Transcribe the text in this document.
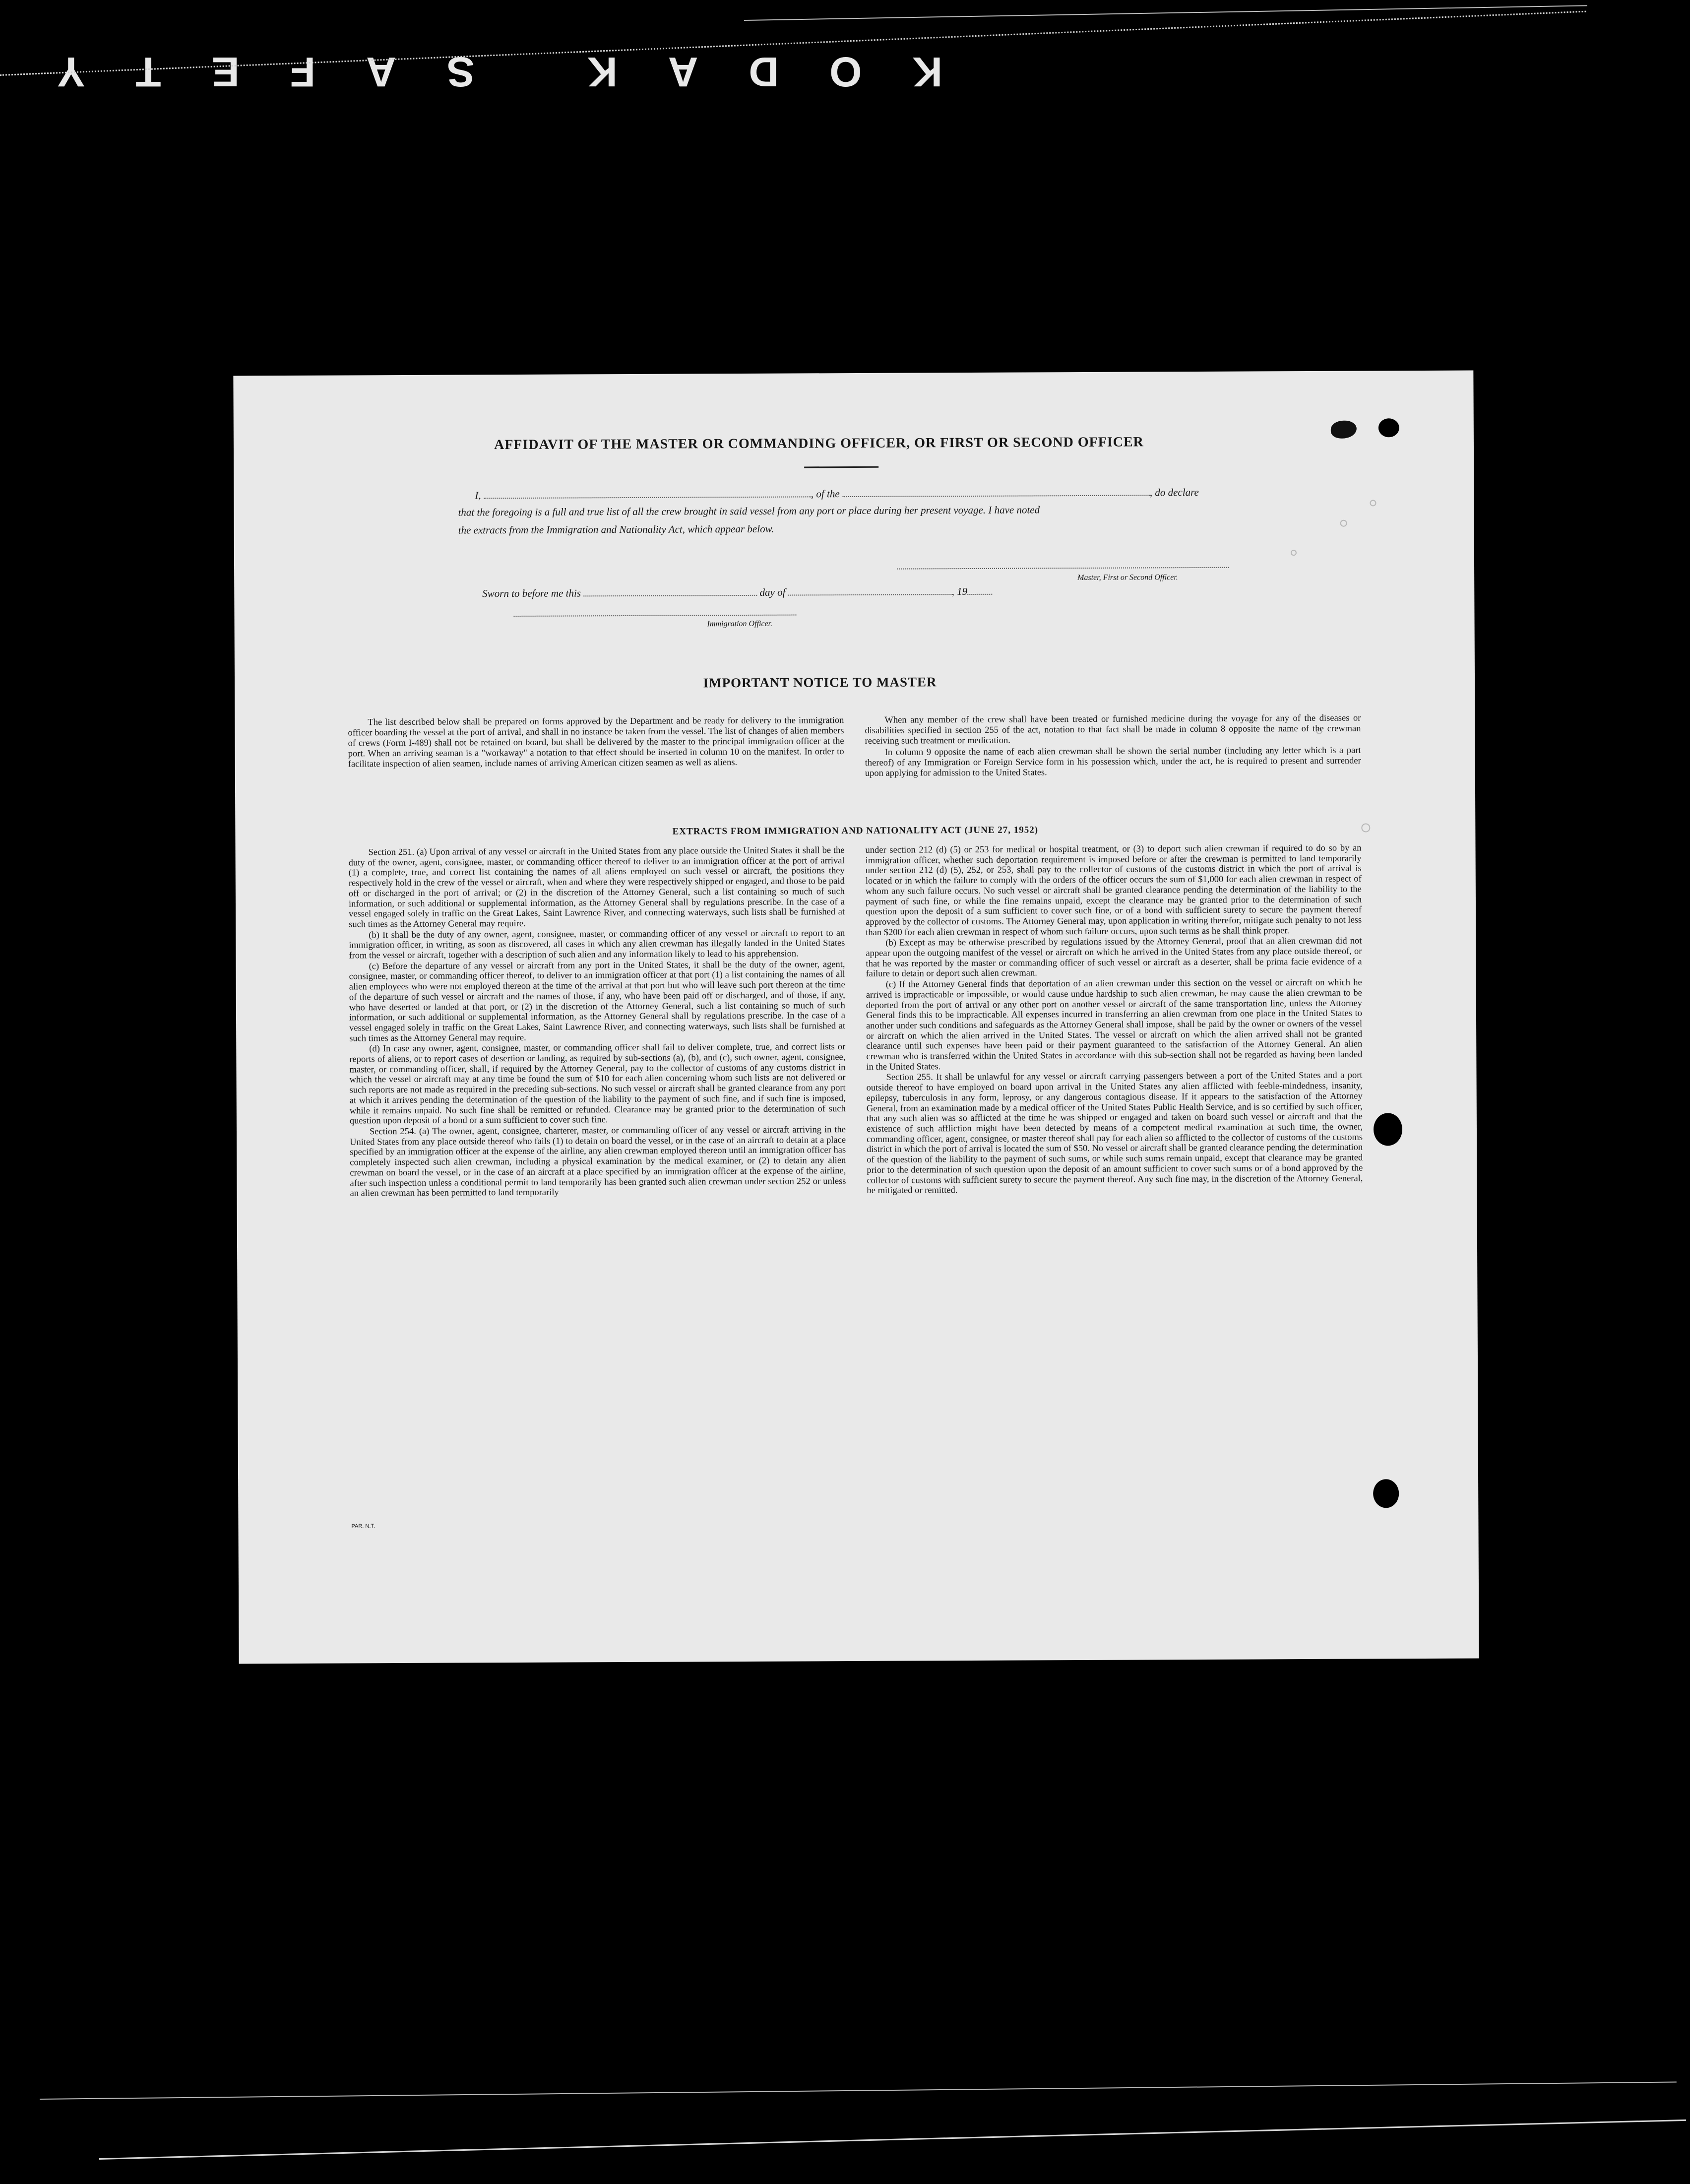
KODAK SAFETY
AFFIDAVIT OF THE MASTER OR COMMANDING OFFICER, OR FIRST OR SECOND OFFICER
I,	, of the	, do declare
that the foregoing is a full and true list of all the crew brought in said vessel from any port or place during her present voyage. I have noted
the extracts from the Immigration and Nationality Act, which appear below.
Master, First or Second Officer.
Sworn to before me this	day of	, 19
Immigration Officer.
IMPORTANT NOTICE TO MASTER

The list described below shall be prepared on forms approved by the Department and be ready for delivery to the immigration officer boarding the vessel at the port of arrival, and shall in no instance be taken from the vessel. The list of changes of alien members of crews (Form I-489) shall not be retained on board, but shall be delivered by the master to the principal immigration officer at the port. When an arriving seaman is a "workaway" a notation to that effect should be inserted in column 10 on the manifest. In order to facilitate inspection of alien seamen, include names of arriving American citizen seamen as well as aliens.

When any member of the crew shall have been treated or furnished medicine during the voyage for any of the diseases or disabilities specified in section 255 of the act, notation to that fact shall be made in column 8 opposite the name of the crewman receiving such treatment or medication.

In column 9 opposite the name of each alien crewman shall be shown the serial number (including any letter which is a part thereof) of any Immigration or Foreign Service form in his possession which, under the act, he is required to present and surrender upon applying for admission to the United States.

EXTRACTS FROM IMMIGRATION AND NATIONALITY ACT (JUNE 27, 1952)

Section 251. (a) Upon arrival of any vessel or aircraft in the United States from any place outside the United States it shall be the duty of the owner, agent, consignee, master, or commanding officer thereof to deliver to an immigration officer at the port of arrival (1) a complete, true, and correct list containing the names of all aliens employed on such vessel or aircraft, the positions they respectively hold in the crew of the vessel or aircraft, when and where they were respectively shipped or engaged, and those to be paid off or discharged in the port of arrival; or (2) in the discretion of the Attorney General, such a list containing so much of such information, or such additional or supplemental information, as the Attorney General shall by regulations prescribe. In the case of a vessel engaged solely in traffic on the Great Lakes, Saint Lawrence River, and connecting waterways, such lists shall be furnished at such times as the Attorney General may require.

(b) It shall be the duty of any owner, agent, consignee, master, or commanding officer of any vessel or aircraft to report to an immigration officer, in writing, as soon as discovered, all cases in which any alien crewman has illegally landed in the United States from the vessel or aircraft, together with a description of such alien and any information likely to lead to his apprehension.

(c) Before the departure of any vessel or aircraft from any port in the United States, it shall be the duty of the owner, agent, consignee, master, or commanding officer thereof, to deliver to an immigration officer at that port (1) a list containing the names of all alien employees who were not employed thereon at the time of the arrival at that port but who will leave such port thereon at the time of the departure of such vessel or aircraft and the names of those, if any, who have been paid off or discharged, and of those, if any, who have deserted or landed at that port, or (2) in the discretion of the Attorney General, such a list containing so much of such information, or such additional or supplemental information, as the Attorney General shall by regulations prescribe. In the case of a vessel engaged solely in traffic on the Great Lakes, Saint Lawrence River, and connecting waterways, such lists shall be furnished at such times as the Attorney General may require.

(d) In case any owner, agent, consignee, master, or commanding officer shall fail to deliver complete, true, and correct lists or reports of aliens, or to report cases of desertion or landing, as required by sub-sections (a), (b), and (c), such owner, agent, consignee, master, or commanding officer, shall, if required by the Attorney General, pay to the collector of customs of any customs district in which the vessel or aircraft may at any time be found the sum of $10 for each alien concerning whom such lists are not delivered or such reports are not made as required in the preceding sub-sections. No such vessel or aircraft shall be granted clearance from any port at which it arrives pending the determination of the question of the liability to the payment of such fine, and if such fine is imposed, while it remains unpaid. No such fine shall be remitted or refunded. Clearance may be granted prior to the determination of such question upon deposit of a bond or a sum sufficient to cover such fine.

Section 254. (a) The owner, agent, consignee, charterer, master, or commanding officer of any vessel or aircraft arriving in the United States from any place outside thereof who fails (1) to detain on board the vessel, or in the case of an aircraft to detain at a place specified by an immigration officer at the expense of the airline, any alien crewman employed thereon until an immigration officer has completely inspected such alien crewman, including a physical examination by the medical examiner, or (2) to detain any alien crewman on board the vessel, or in the case of an aircraft at a place specified by an immigration officer at the expense of the airline, after such inspection unless a conditional permit to land temporarily has been granted such alien crewman under section 252 or unless an alien crewman has been permitted to land temporarily

under section 212 (d) (5) or 253 for medical or hospital treatment, or (3) to deport such alien crewman if required to do so by an immigration officer, whether such deportation requirement is imposed before or after the crewman is permitted to land temporarily under section 212 (d) (5), 252, or 253, shall pay to the collector of customs of the customs district in which the port of arrival is located or in which the failure to comply with the orders of the officer occurs the sum of $1,000 for each alien crewman in respect of whom any such failure occurs. No such vessel or aircraft shall be granted clearance pending the determination of the liability to the payment of such fine, or while the fine remains unpaid, except the clearance may be granted prior to the determination of such question upon the deposit of a sum sufficient to cover such fine, or of a bond with sufficient surety to secure the payment thereof approved by the collector of customs. The Attorney General may, upon application in writing therefor, mitigate such penalty to not less than $200 for each alien crewman in respect of whom such failure occurs, upon such terms as he shall think proper.

(b) Except as may be otherwise prescribed by regulations issued by the Attorney General, proof that an alien crewman did not appear upon the outgoing manifest of the vessel or aircraft on which he arrived in the United States from any place outside thereof, or that he was reported by the master or commanding officer of such vessel or aircraft as a deserter, shall be prima facie evidence of a failure to detain or deport such alien crewman.

(c) If the Attorney General finds that deportation of an alien crewman under this section on the vessel or aircraft on which he arrived is impracticable or impossible, or would cause undue hardship to such alien crewman, he may cause the alien crewman to be deported from the port of arrival or any other port on another vessel or aircraft of the same transportation line, unless the Attorney General finds this to be impracticable. All expenses incurred in transferring an alien crewman from one place in the United States to another under such conditions and safeguards as the Attorney General shall impose, shall be paid by the owner or owners of the vessel or aircraft on which the alien arrived in the United States. The vessel or aircraft on which the alien arrived shall not be granted clearance until such expenses have been paid or their payment guaranteed to the satisfaction of the Attorney General. An alien crewman who is transferred within the United States in accordance with this sub-section shall not be regarded as having been landed in the United States.

Section 255. It shall be unlawful for any vessel or aircraft carrying passengers between a port of the United States and a port outside thereof to have employed on board upon arrival in the United States any alien afflicted with feeble-mindedness, insanity, epilepsy, tuberculosis in any form, leprosy, or any dangerous contagious disease. If it appears to the satisfaction of the Attorney General, from an examination made by a medical officer of the United States Public Health Service, and is so certified by such officer, that any such alien was so afflicted at the time he was shipped or engaged and taken on board such vessel or aircraft and that the existence of such affliction might have been detected by means of a competent medical examination at such time, the owner, commanding officer, agent, consignee, or master thereof shall pay for each alien so afflicted to the collector of customs of the customs district in which the port of arrival is located the sum of $50. No vessel or aircraft shall be granted clearance pending the determination of the question of the liability to the payment of such sums, or while such sums remain unpaid, except that clearance may be granted prior to the determination of such question upon the deposit of an amount sufficient to cover such sums or of a bond approved by the collector of customs with sufficient surety to secure the payment thereof. Any such fine may, in the discretion of the Attorney General, be mitigated or remitted.

PAR. N.T.
